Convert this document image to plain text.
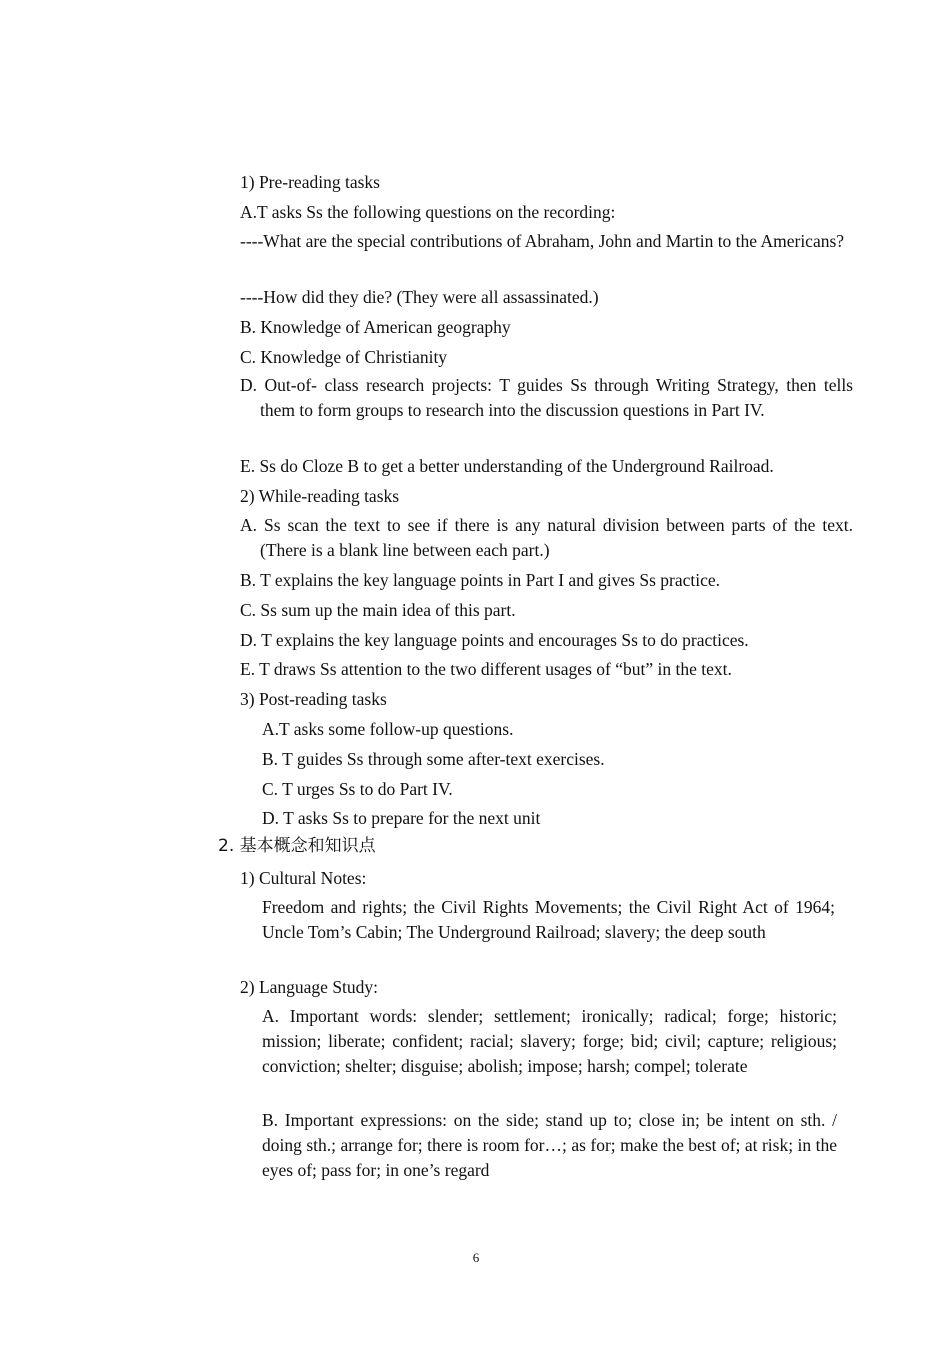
1) Pre-reading tasks
A.T asks Ss the following questions on the recording:
----What are the special contributions of Abraham, John and Martin to the Americans?
----How did they die? (They were all assassinated.)
B. Knowledge of American geography
C. Knowledge of Christianity
D. Out-of- class research projects: T guides Ss through Writing Strategy, then tells them to form groups to research into the discussion questions in Part IV.
E. Ss do Cloze B to get a better understanding of the Underground Railroad.
2) While-reading tasks
A. Ss scan the text to see if there is any natural division between parts of the text. (There is a blank line between each part.)
B. T explains the key language points in Part I and gives Ss practice.
C. Ss sum up the main idea of this part.
D. T explains the key language points and encourages Ss to do practices.
E. T draws Ss attention to the two different usages of “but” in the text.
3) Post-reading tasks
A.T asks some follow-up questions.
B. T guides Ss through some after-text exercises.
C. T urges Ss to do Part IV.
D. T asks Ss to prepare for the next unit
2. 基本概念和知识点
1) Cultural Notes:
Freedom and rights; the Civil Rights Movements; the Civil Right Act of 1964; Uncle Tom’s Cabin; The Underground Railroad; slavery; the deep south
2) Language Study:
A. Important words: slender; settlement; ironically; radical; forge; historic; mission; liberate; confident; racial; slavery; forge; bid; civil; capture; religious; conviction; shelter; disguise; abolish; impose; harsh; compel; tolerate
B. Important expressions: on the side; stand up to; close in; be intent on sth. / doing sth.; arrange for; there is room for…; as for; make the best of; at risk; in the eyes of; pass for; in one’s regard
6
